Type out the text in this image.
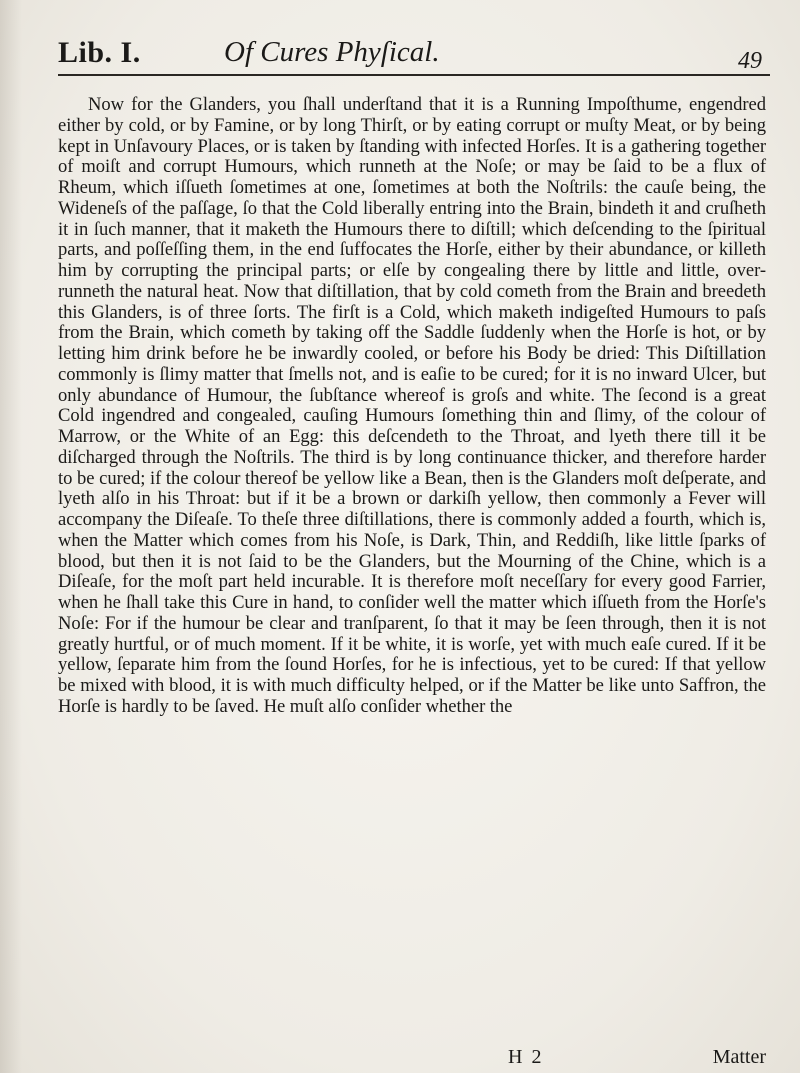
Lib. I.	Of Cures Phyſical.	49

Now for the Glanders, you ſhall underſtand that it is a Running Impoſthume, engendred either by cold, or by Famine, or by long Thirſt, or by eating corrupt or muſty Meat, or by being kept in Unſavoury Places, or is taken by ſtanding with infected Horſes. It is a gathering together of moiſt and corrupt Humours, which runneth at the Noſe; or may be ſaid to be a flux of Rheum, which iſſueth ſometimes at one, ſometimes at both the Noſtrils: the cauſe being, the Wideneſs of the paſſage, ſo that the Cold liberally entring into the Brain, bindeth it and cruſheth it in ſuch manner, that it maketh the Humours there to diſtill; which deſcending to the ſpiritual parts, and poſſeſſing them, in the end ſuffocates the Horſe, either by their abundance, or killeth him by corrupting the principal parts; or elſe by congealing there by little and little, over-runneth the natural heat. Now that diſtillation, that by cold cometh from the Brain and breedeth this Glanders, is of three ſorts. The firſt is a Cold, which maketh indigeſted Humours to paſs from the Brain, which cometh by taking off the Saddle ſuddenly when the Horſe is hot, or by letting him drink before he be inwardly cooled, or before his Body be dried: This Diſtillation commonly is ſlimy matter that ſmells not, and is eaſie to be cured; for it is no inward Ulcer, but only abundance of Humour, the ſubſtance whereof is groſs and white. The ſecond is a great Cold ingendred and congealed, cauſing Humours ſomething thin and ſlimy, of the colour of Marrow, or the White of an Egg: this deſcendeth to the Throat, and lyeth there till it be diſcharged through the Noſtrils. The third is by long continuance thicker, and therefore harder to be cured; if the colour thereof be yellow like a Bean, then is the Glanders moſt deſperate, and lyeth alſo in his Throat: but if it be a brown or darkiſh yellow, then commonly a Fever will accompany the Diſeaſe. To theſe three diſtillations, there is commonly added a fourth, which is, when the Matter which comes from his Noſe, is Dark, Thin, and Reddiſh, like little ſparks of blood, but then it is not ſaid to be the Glanders, but the Mourning of the Chine, which is a Diſeaſe, for the moſt part held incurable. It is therefore moſt neceſſary for every good Farrier, when he ſhall take this Cure in hand, to conſider well the matter which iſſueth from the Horſe's Noſe: For if the humour be clear and tranſparent, ſo that it may be ſeen through, then it is not greatly hurtful, or of much moment. If it be white, it is worſe, yet with much eaſe cured. If it be yellow, ſeparate him from the ſound Horſes, for he is infectious, yet to be cured: If that yellow be mixed with blood, it is with much difficulty helped, or if the Matter be like unto Saffron, the Horſe is hardly to be ſaved. He muſt alſo conſider whether the

H 2	Matter
